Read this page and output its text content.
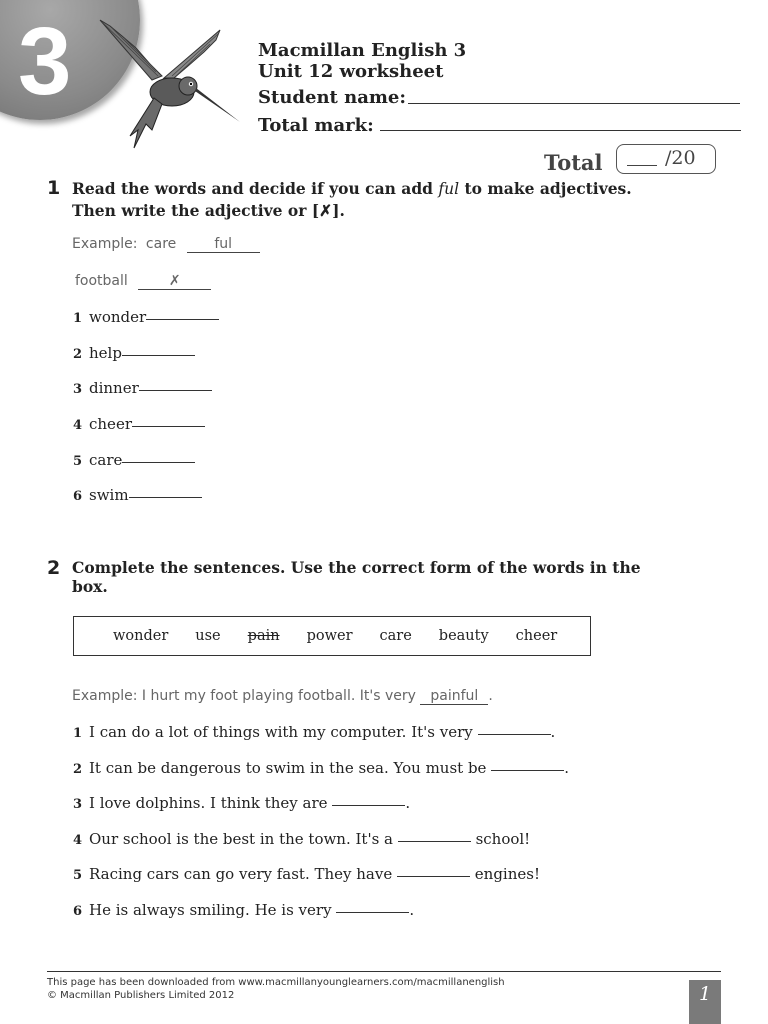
3	Macmillan English 3
Unit 12 worksheet
Student name:
Total mark:
Total	/20
1 Read the words and decide if you can add ful to make adjectives.
Then write the adjective or [✗].
Example: care	ful
football	✗
1 wonder
2 help
3 dinner
4 cheer
5 care
6 swim
2 Complete the sentences. Use the correct form of the words in the
box.
wonder use pain power care beauty cheer
Example: I hurt my foot playing football. It's very painful .
1 I can do a lot of things with my computer. It's very	.
2 It can be dangerous to swim in the sea. You must be	.
3 I love dolphins. I think they are	.
4 Our school is the best in the town. It's a	school!
5 Racing cars can go very fast. They have	engines!
6 He is always smiling. He is very	.
This page has been downloaded from www.macmillanyounglearners.com/macmillanenglish
© Macmillan Publishers Limited 2012	1
